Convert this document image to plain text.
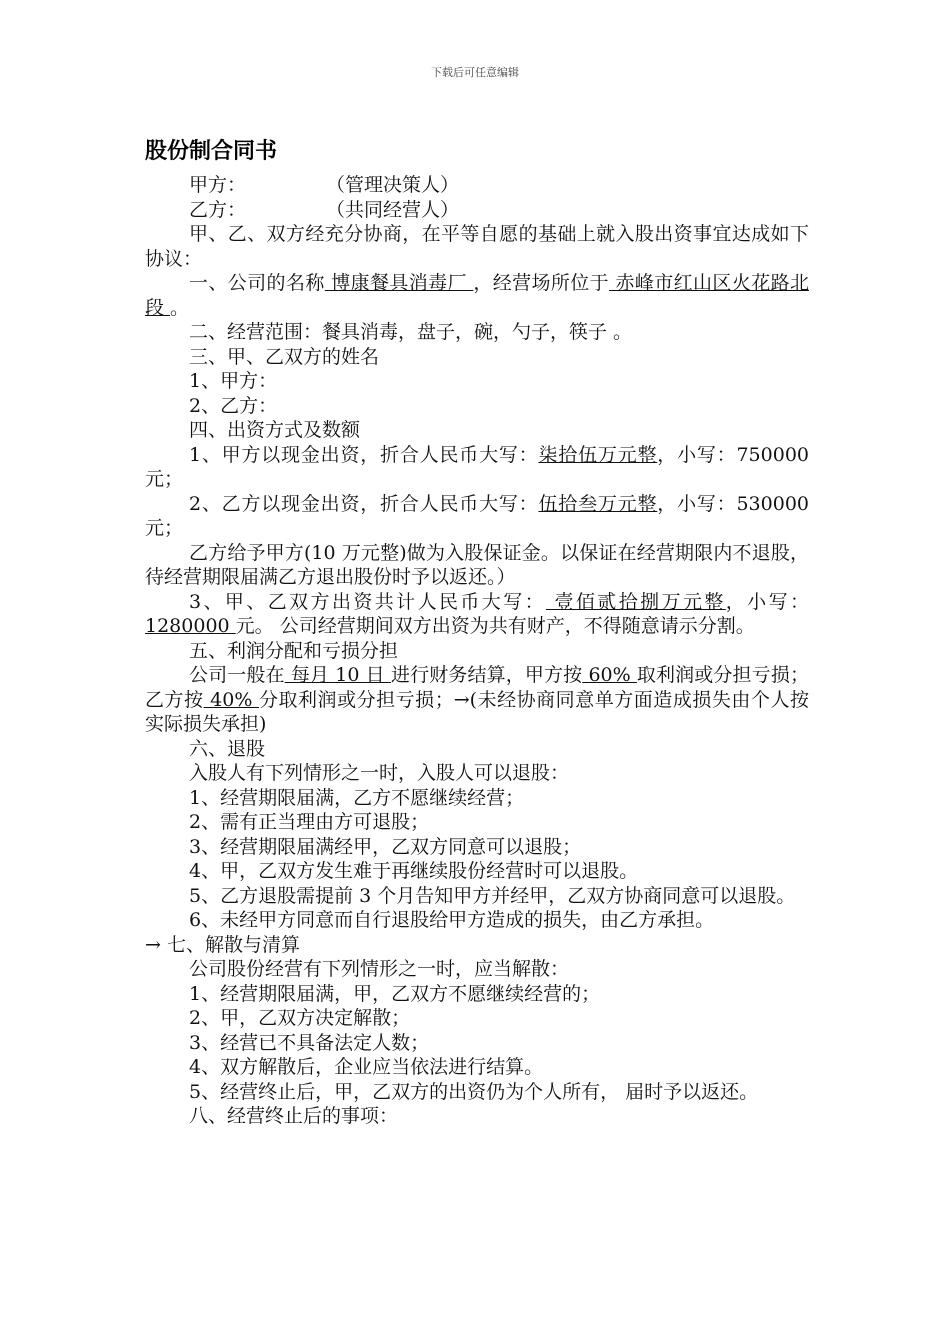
下载后可任意编辑
股份制合同书

甲方：	（管理决策人）

乙方：	（共同经营人）

甲、乙、双方经充分协商，在平等自愿的基础上就入股出资事宜达成如下协议：

一、公司的名称 博康餐具消毒厂 ，经营场所位于 赤峰市红山区火花路北段 。

二、经营范围：餐具消毒，盘子，碗，勺子，筷子 。

三、甲、乙双方的姓名

1、甲方：

2、乙方：

四、出资方式及数额

1、甲方以现金出资，折合人民币大写：柒拾伍万元整，小写：750000 元；

2、乙方以现金出资，折合人民币大写：伍拾叁万元整，小写：530000 元；

乙方给予甲方(10 万元整)做为入股保证金。以保证在经营期限内不退股，待经营期限届满乙方退出股份时予以返还。）

3、甲、乙双方出资共计人民币大写： 壹佰贰拾捌万元整，小写： 1280000 元。 公司经营期间双方出资为共有财产，不得随意请示分割。

五、利润分配和亏损分担

公司一般在 每月 10 日 进行财务结算，甲方按 60% 取利润或分担亏损；乙方按 40% 分取利润或分担亏损；→(未经协商同意单方面造成损失由个人按实际损失承担)

六、退股

入股人有下列情形之一时，入股人可以退股：

1、经营期限届满，乙方不愿继续经营；

2、需有正当理由方可退股；

3、经营期限届满经甲，乙双方同意可以退股；

4、甲，乙双方发生难于再继续股份经营时可以退股。

5、乙方退股需提前 3 个月告知甲方并经甲，乙双方协商同意可以退股。

6、未经甲方同意而自行退股给甲方造成的损失，由乙方承担。

→ 七、解散与清算

公司股份经营有下列情形之一时，应当解散：

1、经营期限届满，甲，乙双方不愿继续经营的；

2、甲，乙双方决定解散；

3、经营已不具备法定人数；

4、双方解散后，企业应当依法进行结算。

5、经营终止后，甲，乙双方的出资仍为个人所有， 届时予以返还。

八、经营终止后的事项：
